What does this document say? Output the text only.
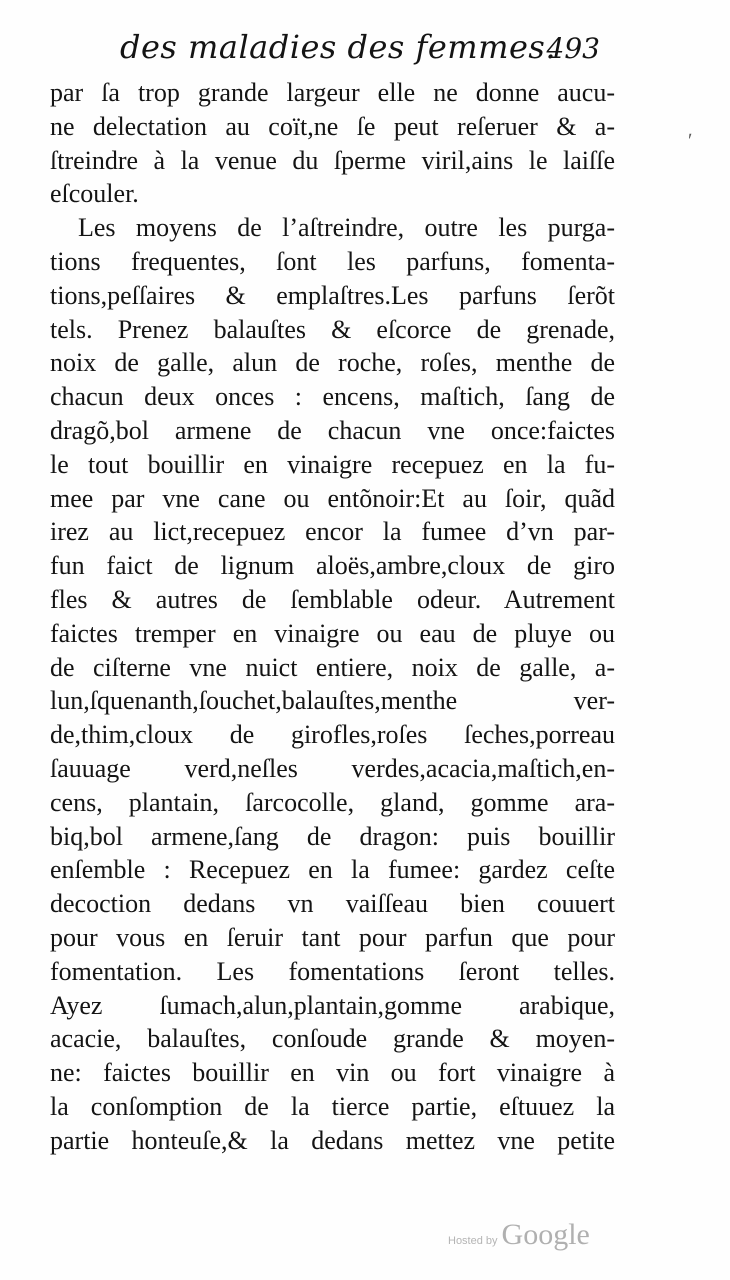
des maladies des femmes.
493
ʹ
par ſa trop grande largeur elle ne donne aucu-
ne delectation au coït,ne ſe peut reſeruer & a-
ſtreindre à la venue du ſperme viril,ains le laiſſe
eſcouler.
Les moyens de l’aſtreindre, outre les purga-
tions frequentes, ſont les parfuns, fomenta-
tions,peſſaires & emplaſtres.Les parfuns ſerõt
tels. Prenez balauſtes & eſcorce de grenade,
noix de galle, alun de roche, roſes, menthe de
chacun deux onces : encens, maſtich, ſang de
dragõ,bol armene de chacun vne once:faictes
le tout bouillir en vinaigre recepuez en la fu-
mee par vne cane ou entõnoir:Et au ſoir, quãd
irez au lict,recepuez encor la fumee d’vn par-
fun faict de lignum aloës,ambre,cloux de giro
fles & autres de ſemblable odeur. Autrement
faictes tremper en vinaigre ou eau de pluye ou
de ciſterne vne nuict entiere, noix de galle, a-
lun,ſquenanth,ſouchet,balauſtes,menthe ver-
de,thim,cloux de girofles,roſes ſeches,porreau
ſauuage verd,neſles verdes,acacia,maſtich,en-
cens, plantain, ſarcocolle, gland, gomme ara-
biq,bol armene,ſang de dragon: puis bouillir
enſemble : Recepuez en la fumee: gardez ceſte
decoction dedans vn vaiſſeau bien couuert
pour vous en ſeruir tant pour parfun que pour
fomentation. Les fomentations ſeront telles.
Ayez ſumach,alun,plantain,gomme arabique,
acacie, balauſtes, conſoude grande & moyen-
ne: faictes bouillir en vin ou fort vinaigre à
la conſomption de la tierce partie, eſtuuez la
partie honteuſe,& la dedans mettez vne petite
Hosted by Google
